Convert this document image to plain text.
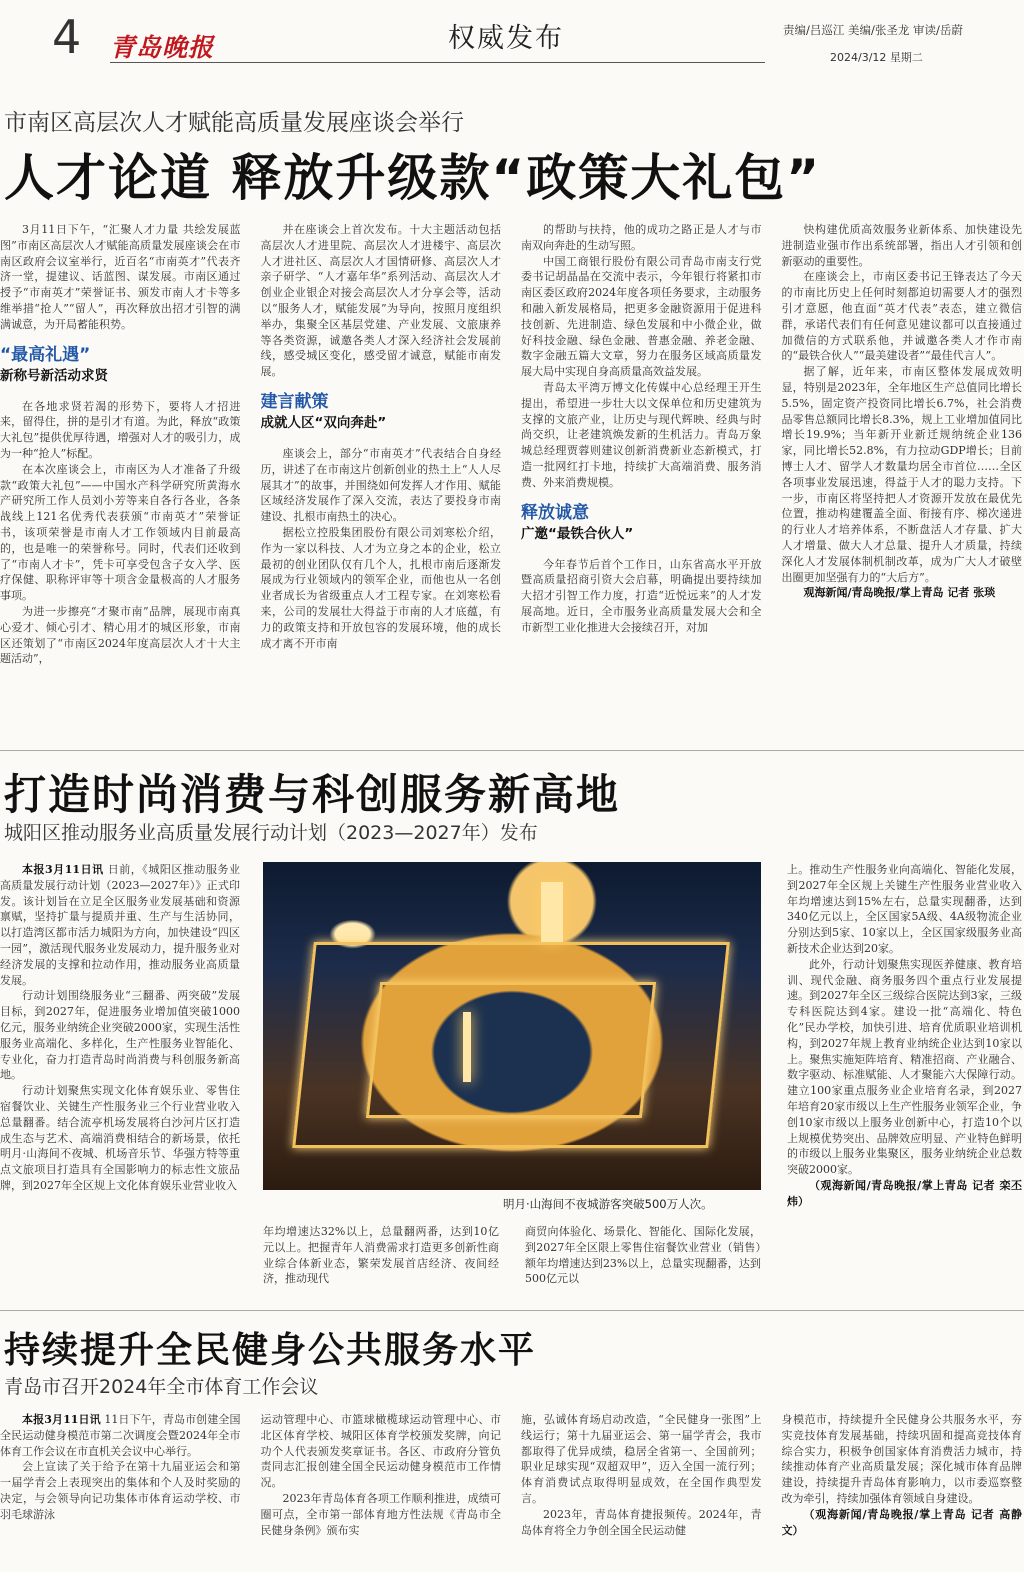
4 青岛晚报	权威发布	责编/吕巡江 美编/张圣龙 审读/岳蔚
2024/3/12 星期二
市南区高层次人才赋能高质量发展座谈会举行
人才论道 释放升级款“政策大礼包”

3月11日下午，“汇聚人才力量 共绘发展蓝图”市南区高层次人才赋能高质量发展座谈会在市南区政府会议室举行，近百名“市南英才”代表齐济一堂，提建议、话蓝图、谋发展。市南区通过授予“市南英才”荣誉证书、颁发市南人才卡等多维举措“抢人”“留人”，再次释放出招才引智的满满诚意，为开局蓄能积势。

“最高礼遇”
新称号新活动求贤

在各地求贤若渴的形势下，要将人才招进来，留得住，拼的是引才有道。为此，释放“政策大礼包”提供优厚待遇，增强对人才的吸引力，成为一种“抢人”标配。

在本次座谈会上，市南区为人才准备了升级款“政策大礼包”——中国水产科学研究所黄海水产研究所工作人员刘小芳等来自各行各业，各条战线上121名优秀代表获颁“市南英才”荣誉证书，该项荣誉是市南人才工作领域内目前最高的，也是唯一的荣誉称号。同时，代表们还收到了“市南人才卡”，凭卡可享受包含子女入学、医疗保健、职称评审等十项含金量极高的人才服务事项。

为进一步擦亮“才聚市南”品牌，展现市南真心爱才、倾心引才、精心用才的城区形象，市南区还策划了“市南区2024年度高层次人才十大主题活动”，

并在座谈会上首次发布。十大主题活动包括高层次人才进里院、高层次人才进楼宇、高层次人才进社区、高层次人才国情研修、高层次人才亲子研学、“人才嘉年华”系列活动、高层次人才创业企业银企对接会高层次人才分享会等，活动以“服务人才，赋能发展”为导向，按照月度组织举办，集聚全区基层党建、产业发展、文旅康养等各类资源，诚邀各类人才深入经济社会发展前线，感受城区变化，感受留才诚意，赋能市南发展。

建言献策
成就人区“双向奔赴”

座谈会上，部分“市南英才”代表结合自身经历，讲述了在市南这片创新创业的热土上“人人尽展其才”的故事，并围绕如何发挥人才作用、赋能区域经济发展作了深入交流，表达了要投身市南建设、扎根市南热土的决心。

据松立控股集团股份有限公司刘寒松介绍，作为一家以科技、人才为立身之本的企业，松立最初的创业团队仅有几个人，扎根市南后逐渐发展成为行业领域内的领军企业，而他也从一名创业者成长为省级重点人才工程专家。在刘寒松看来，公司的发展壮大得益于市南的人才底蕴，有力的政策支持和开放包容的发展环境，他的成长成才离不开市南

的帮助与扶持，他的成功之路正是人才与市南双向奔赴的生动写照。

中国工商银行股份有限公司青岛市南支行党委书记胡晶晶在交流中表示，今年银行将紧扣市南区委区政府2024年度各项任务要求，主动服务和融入新发展格局，把更多金融资源用于促进科技创新、先进制造、绿色发展和中小微企业，做好科技金融、绿色金融、普惠金融、养老金融、数字金融五篇大文章，努力在服务区域高质量发展大局中实现自身高质量高效益发展。

青岛太平湾万博文化传媒中心总经理王开生提出，希望进一步壮大以文保单位和历史建筑为支撑的文旅产业，让历史与现代辉映、经典与时尚交织，让老建筑焕发新的生机活力。青岛万象城总经理贾蓉则建议创新消费新业态新模式，打造一批网红打卡地，持续扩大高端消费、服务消费、外来消费规模。

释放诚意
广邀“最铁合伙人”

今年春节后首个工作日，山东省高水平开放暨高质量招商引资大会启幕，明确提出要持续加大招才引智工作力度，打造“近悦远来”的人才发展高地。近日，全市服务业高质量发展大会和全市新型工业化推进大会接续召开，对加

快构建优质高效服务业新体系、加快建设先进制造业强市作出系统部署，指出人才引领和创新驱动的重要性。

在座谈会上，市南区委书记王锋表达了今天的市南比历史上任何时刻都迫切需要人才的强烈引才意愿，他直面“英才代表”表态，建立微信群，承诺代表们有任何意见建议都可以直接通过加微信的方式联系他，并诚邀各类人才作市南的“最铁合伙人”“最美建设者”“最佳代言人”。

据了解，近年来，市南区整体发展成效明显，特别是2023年，全年地区生产总值同比增长5.5%，固定资产投资同比增长6.7%，社会消费品零售总额同比增长8.3%，规上工业增加值同比增长19.9%；当年新开业新迁规纳统企业136家，同比增长52.8%，有力拉动GDP增长；目前博士人才、留学人才数量均居全市首位……全区各项事业发展迅速，得益于人才的聪力支持。下一步，市南区将坚持把人才资源开发放在最优先位置，推动构建覆盖全面、衔接有序、梯次递进的行业人才培养体系，不断盘活人才存量、扩大人才增量、做大人才总量、提升人才质量，持续深化人才发展体制机制改革，成为广大人才破壁出圈更加坚强有力的“大后方”。

观海新闻/青岛晚报/掌上青岛 记者 张琰

打造时尚消费与科创服务新高地
城阳区推动服务业高质量发展行动计划（2023—2027年）发布

本报3月11日讯 日前，《城阳区推动服务业高质量发展行动计划（2023—2027年）》正式印发。该计划旨在立足全区服务业发展基础和资源禀赋，坚持扩量与提质并重、生产与生活协同，以打造湾区都市活力城阳为方向，加快建设“四区一园”，激活现代服务业发展动力，提升服务业对经济发展的支撑和拉动作用，推动服务业高质量发展。

行动计划围绕服务业“三翻番、两突破”发展目标，到2027年，促进服务业增加值突破1000亿元，服务业纳统企业突破2000家，实现生活性服务业高端化、多样化，生产性服务业智能化、专业化，奋力打造青岛时尚消费与科创服务新高地。

行动计划聚焦实现文化体育娱乐业、零售住宿餐饮业、关键生产性服务业三个行业营业收入总量翻番。结合流亭机场发展将白沙河片区打造成生态与艺术、高端消费相结合的新场景，依托明月·山海间不夜城、机场音乐节、华强方特等重点文旅项目打造具有全国影响力的标志性文旅品牌，到2027年全区规上文化体育娱乐业营业收入

明月·山海间不夜城游客突破500万人次。

年均增速达32%以上，总量翻两番，达到10亿元以上。把握青年人消费需求打造更多创新性商业综合体新业态，繁荣发展首店经济、夜间经济，推动现代

商贸向体验化、场景化、智能化、国际化发展，到2027年全区限上零售住宿餐饮业营业（销售）额年均增速达到23%以上，总量实现翻番，达到500亿元以

上。推动生产性服务业向高端化、智能化发展，到2027年全区规上关键生产性服务业营业收入年均增速达到15%左右，总量实现翻番，达到340亿元以上，全区国家5A级、4A级物流企业分别达到5家、10家以上，全区国家级服务业高新技术企业达到20家。

此外，行动计划聚焦实现医养健康、教育培训、现代金融、商务服务四个重点行业发展提速。到2027年全区三级综合医院达到3家，三级专科医院达到4家。建设一批“高端化、特色化”民办学校，加快引进、培育优质职业培训机构，到2027年规上教育业纳统企业达到10家以上。聚焦实施矩阵培育、精准招商、产业融合、数字驱动、标准赋能、人才聚能六大保障行动。建立100家重点服务业企业培育名录，到2027年培育20家市级以上生产性服务业领军企业，争创10家市级以上服务业创新中心，打造10个以上规模优势突出、品牌效应明显、产业特色鲜明的市级以上服务业集聚区，服务业纳统企业总数突破2000家。

（观海新闻/青岛晚报/掌上青岛 记者 栾丕炜）

持续提升全民健身公共服务水平
青岛市召开2024年全市体育工作会议

本报3月11日讯 11日下午，青岛市创建全国全民运动健身模范市第二次调度会暨2024年全市体育工作会议在市直机关会议中心举行。

会上宣读了关于给予在第十九届亚运会和第一届学青会上表现突出的集体和个人及时奖励的决定，与会领导向记功集体市体育运动学校、市羽毛球游泳

运动管理中心、市篮球橄榄球运动管理中心、市北区体育学校、城阳区体育学校颁发奖牌，向记功个人代表颁发奖章证书。各区、市政府分管负责同志汇报创建全国全民运动健身模范市工作情况。

2023年青岛体育各项工作顺利推进，成绩可圈可点，全市第一部体育地方性法规《青岛市全民健身条例》颁布实

施，弘诚体育场启动改造，“全民健身一张图”上线运行；第十九届亚运会、第一届学青会，我市都取得了优异成绩，稳居全省第一、全国前列；职业足球实现“双超双甲”，迈入全国一流行列；体育消费试点取得明显成效，在全国作典型发言。

2023年，青岛体育捷报频传。2024年，青岛体育将全力争创全国全民运动健

身模范市，持续提升全民健身公共服务水平，夯实竞技体育发展基础，持续巩固和提高竞技体育综合实力，积极争创国家体育消费活力城市，持续推动体育产业高质量发展；深化城市体育品牌建设，持续提升青岛体育影响力，以市委巡察整改为牵引，持续加强体育领域自身建设。

（观海新闻/青岛晚报/掌上青岛 记者 高静文）
